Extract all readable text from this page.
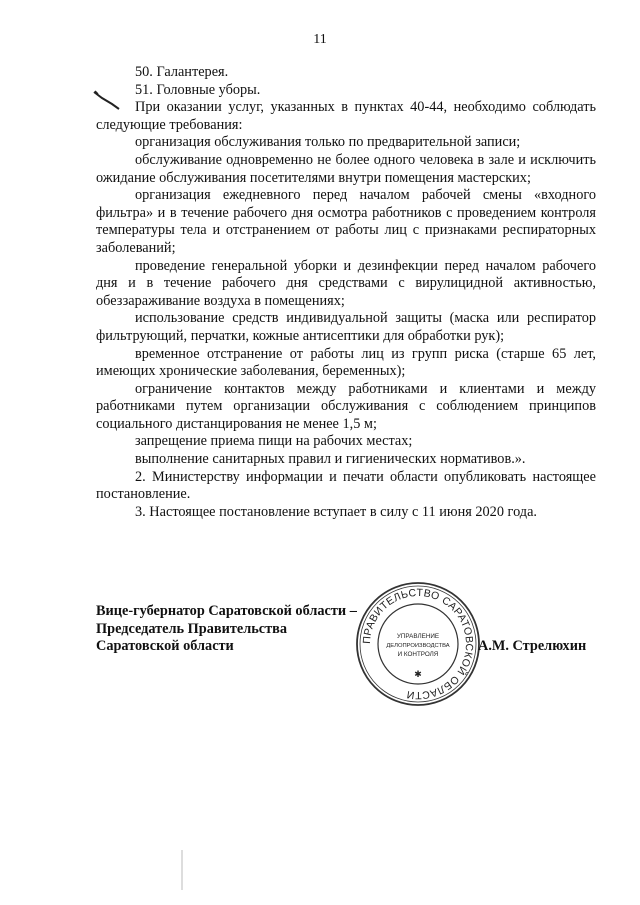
11

50. Галантерея.

51. Головные уборы.

При оказании услуг, указанных в пунктах 40-44, необходимо соблюдать следующие требования:

организация обслуживания только по предварительной записи;

обслуживание одновременно не более одного человека в зале и исключить ожидание обслуживания посетителями внутри помещения мастерских;

организация ежедневного перед началом рабочей смены «входного фильтра» и в течение рабочего дня осмотра работников с проведением контроля температуры тела и отстранением от работы лиц с признаками респираторных заболеваний;

проведение генеральной уборки и дезинфекции перед началом рабочего дня и в течение рабочего дня средствами с вирулицидной активностью, обеззараживание воздуха в помещениях;

использование средств индивидуальной защиты (маска или респиратор фильтрующий, перчатки, кожные антисептики для обработки рук);

временное отстранение от работы лиц из групп риска (старше 65 лет, имеющих хронические заболевания, беременных);

ограничение контактов между работниками и клиентами и между работниками путем организации обслуживания с соблюдением принципов социального дистанцирования не менее 1,5 м;

запрещение приема пищи на рабочих местах;

выполнение санитарных правил и гигиенических нормативов.».

2. Министерству информации и печати области опубликовать настоящее постановление.

3. Настоящее постановление вступает в силу с 11 июня 2020 года.

Вице-губернатор Саратовской области –
Председатель Правительства
Саратовской области	ПРАВИТЕЛЬСТВО САРАТОВСКОЙ ОБЛАСТИ
УПРАВЛЕНИЕ
ДЕЛОПРОИЗВОДСТВА
И КОНТРОЛЯ
✱
А.М. Стрелюхин
